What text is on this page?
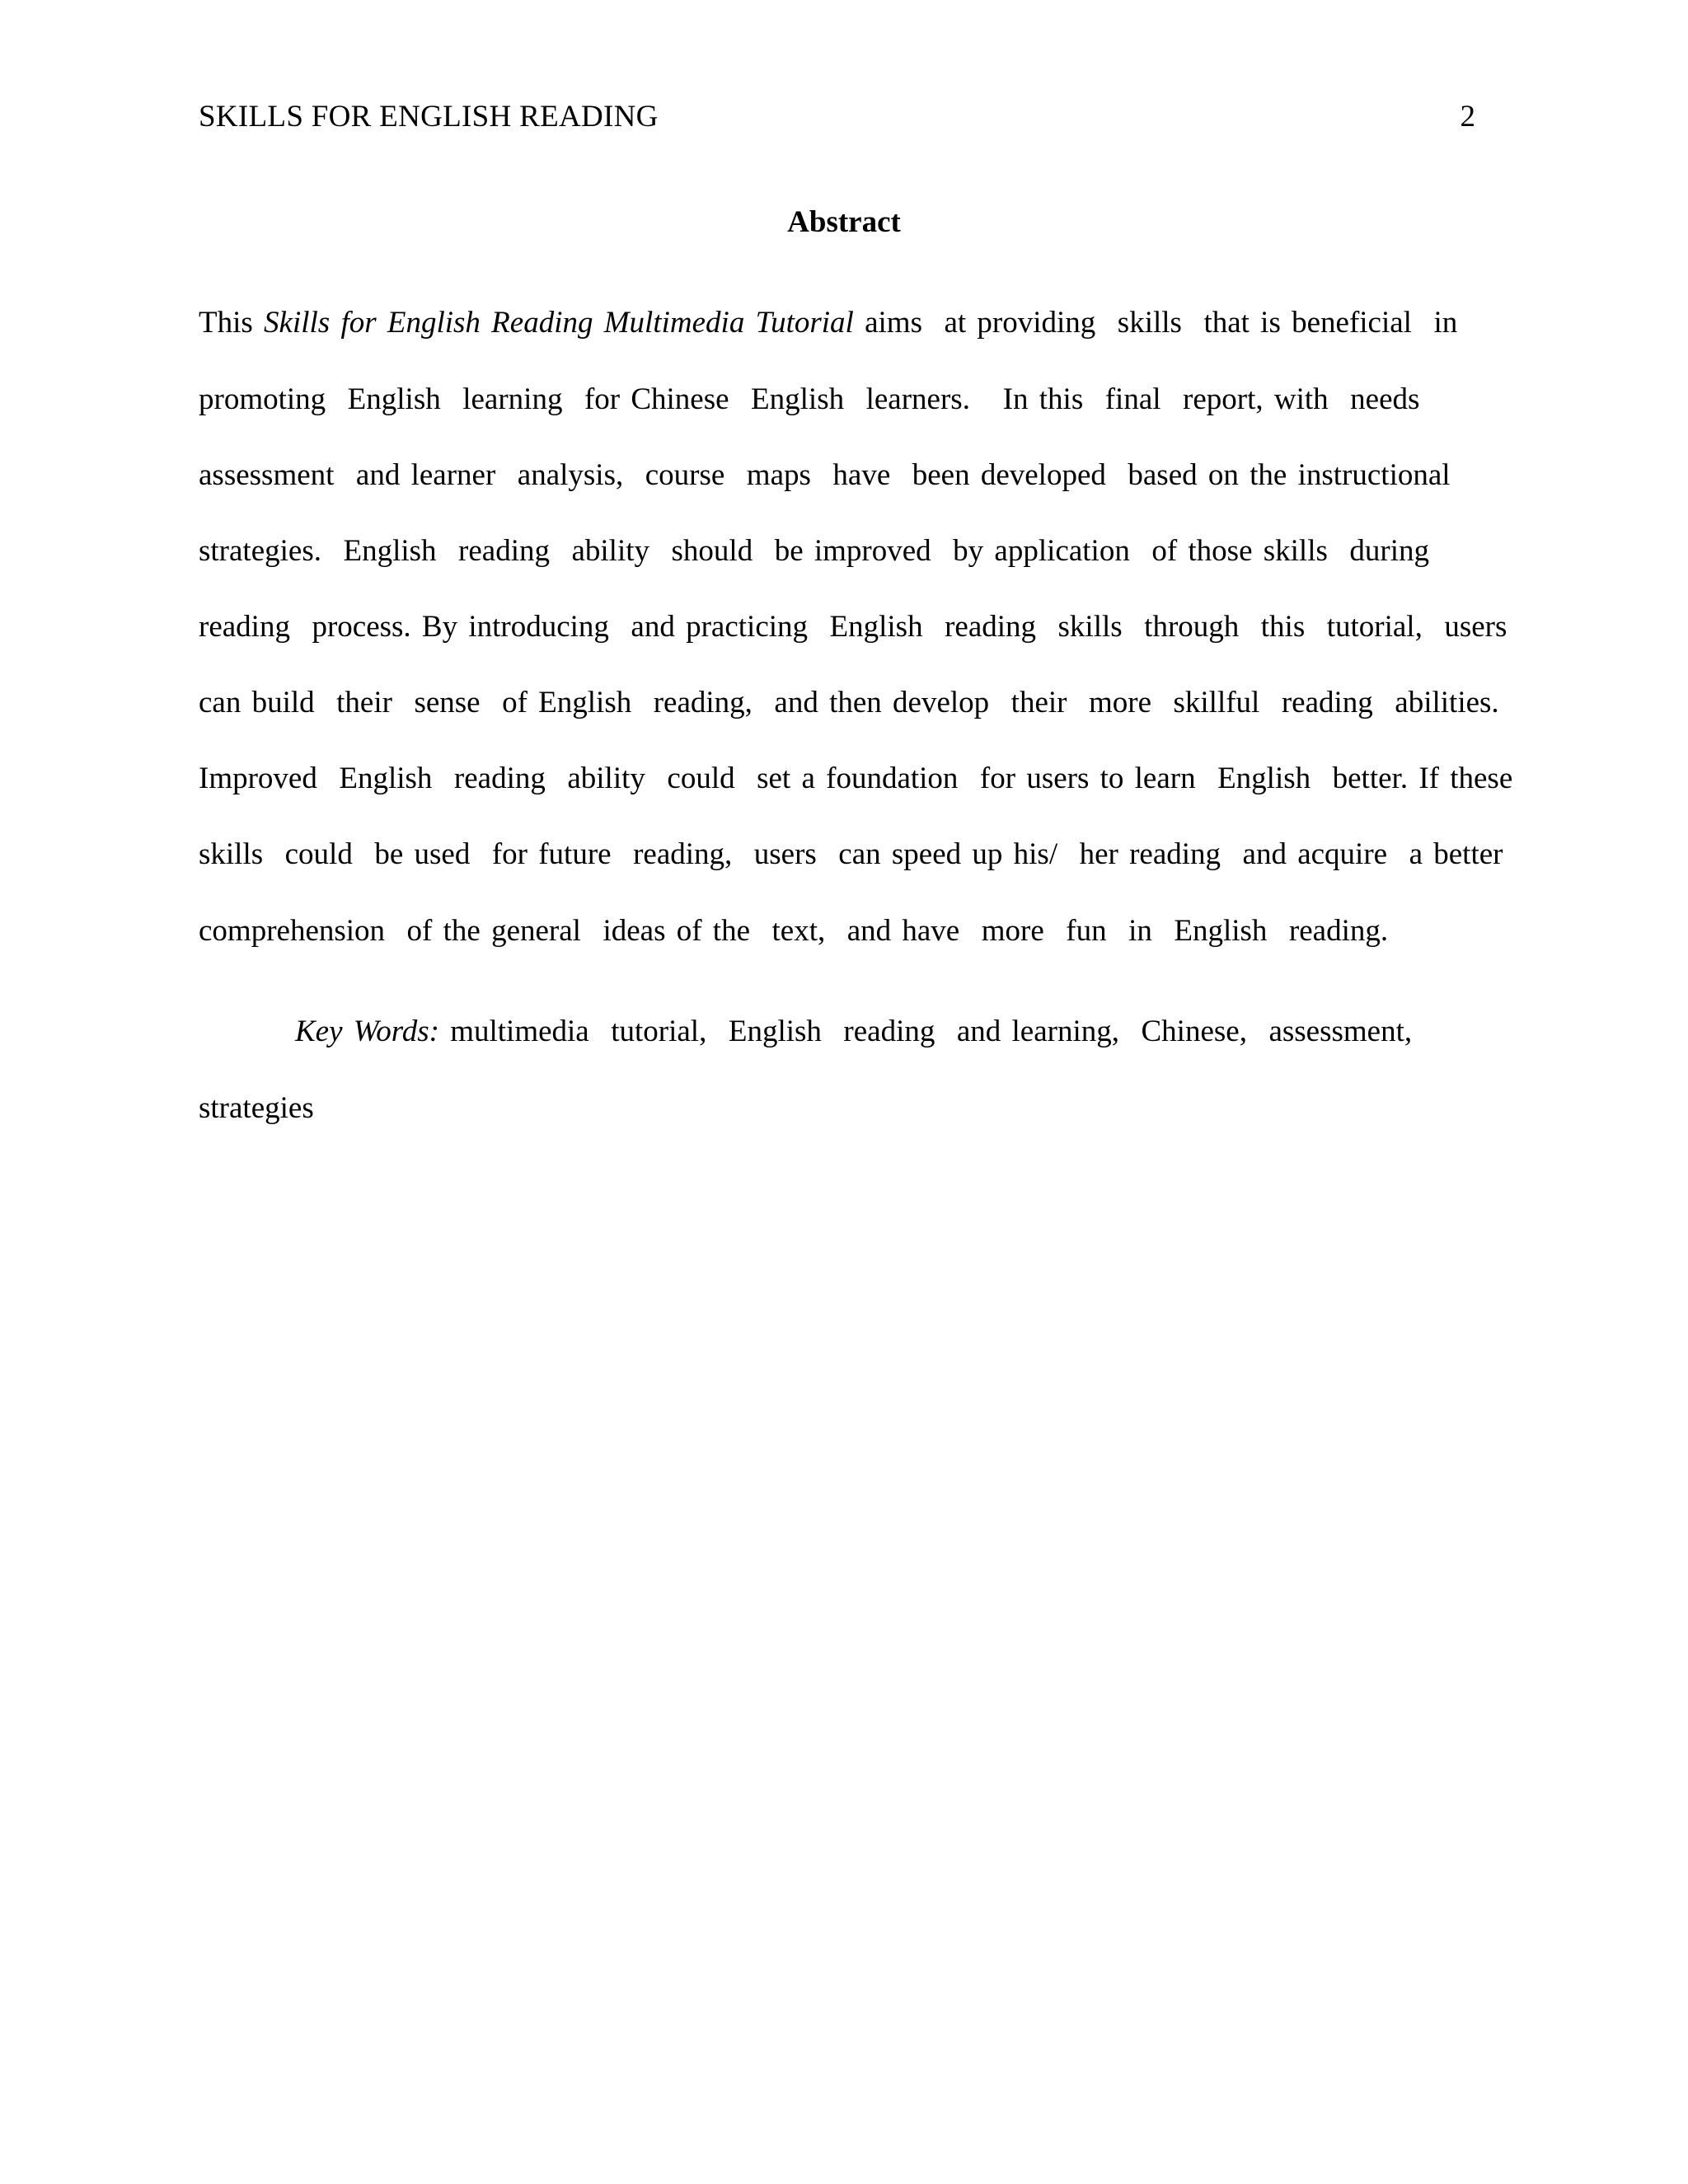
SKILLS FOR ENGLISH READING	2
Abstract
This Skills for English Reading Multimedia Tutorial aims  at providing  skills  that is beneficial  in
promoting  English  learning  for Chinese  English  learners.   In this  final  report, with  needs
assessment  and learner  analysis,  course  maps  have  been developed  based on the instructional
strategies.  English  reading  ability  should  be improved  by application  of those skills  during
reading  process. By introducing  and practicing  English  reading  skills  through  this  tutorial,  users
can build  their  sense  of English  reading,  and then develop  their  more  skillful  reading  abilities.
Improved  English  reading  ability  could  set a foundation  for users to learn  English  better. If these
skills  could  be used  for future  reading,  users  can speed up his/  her reading  and acquire  a better
comprehension  of the general  ideas of the  text,  and have  more  fun  in  English  reading.
Key Words: multimedia  tutorial,  English  reading  and learning,  Chinese,  assessment,
strategies
